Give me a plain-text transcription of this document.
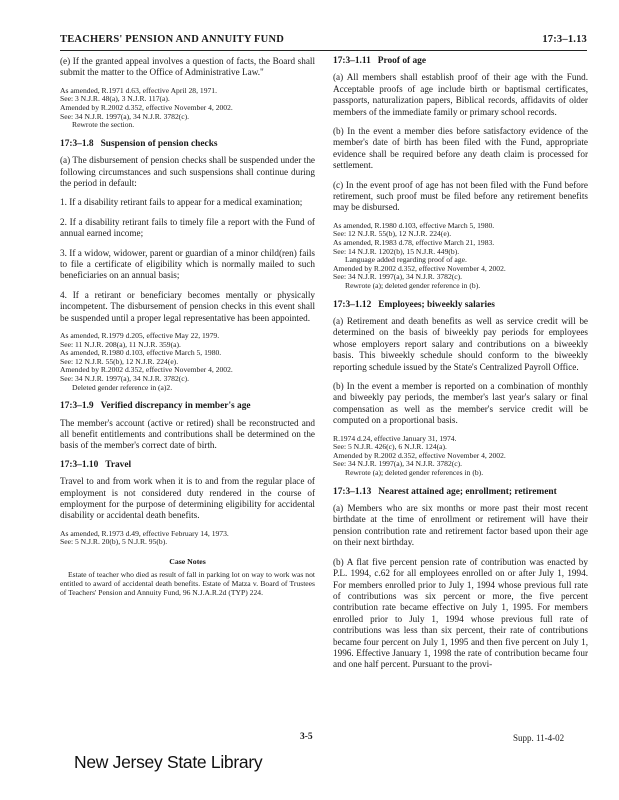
TEACHERS' PENSION AND ANNUITY FUND	17:3–1.13

(e) If the granted appeal involves a question of facts, the Board shall submit the matter to the Office of Administrative Law."

As amended, R.1971 d.63, effective April 28, 1971.
See: 3 N.J.R. 48(a), 3 N.J.R. 117(a).
Amended by R.2002 d.352, effective November 4, 2002.
See: 34 N.J.R. 1997(a), 34 N.J.R. 3782(c).
Rewrote the section.
17:3–1.8 Suspension of pension checks

(a) The disbursement of pension checks shall be suspended under the following circumstances and such suspensions shall continue during the period in default:

1. If a disability retirant fails to appear for a medical examination;

2. If a disability retirant fails to timely file a report with the Fund of annual earned income;

3. If a widow, widower, parent or guardian of a minor child(ren) fails to file a certificate of eligibility which is normally mailed to such beneficiaries on an annual basis;

4. If a retirant or beneficiary becomes mentally or physically incompetent. The disbursement of pension checks in this event shall be suspended until a proper legal representative has been appointed.

As amended, R.1979 d.205, effective May 22, 1979.
See: 11 N.J.R. 208(a), 11 N.J.R. 359(a).
As amended, R.1980 d.103, effective March 5, 1980.
See: 12 N.J.R. 55(b), 12 N.J.R. 224(e).
Amended by R.2002 d.352, effective November 4, 2002.
See: 34 N.J.R. 1997(a), 34 N.J.R. 3782(c).
Deleted gender reference in (a)2.
17:3–1.9 Verified discrepancy in member's age

The member's account (active or retired) shall be reconstructed and all benefit entitlements and contributions shall be determined on the basis of the member's correct date of birth.

17:3–1.10 Travel

Travel to and from work when it is to and from the regular place of employment is not considered duty rendered in the course of employment for the purpose of determining eligibility for accidental disability or accidental death benefits.

As amended, R.1973 d.49, effective February 14, 1973.
See: 5 N.J.R. 20(b), 5 N.J.R. 95(b).
Case Notes
Estate of teacher who died as result of fall in parking lot on way to work was not entitled to award of accidental death benefits. Estate of Matza v. Board of Trustees of Teachers' Pension and Annuity Fund, 96 N.J.A.R.2d (TYP) 224.
17:3–1.11 Proof of age

(a) All members shall establish proof of their age with the Fund. Acceptable proofs of age include birth or baptismal certificates, passports, naturalization papers, Biblical records, affidavits of older members of the immediate family or primary school records.

(b) In the event a member dies before satisfactory evidence of the member's date of birth has been filed with the Fund, appropriate evidence shall be required before any death claim is processed for settlement.

(c) In the event proof of age has not been filed with the Fund before retirement, such proof must be filed before any retirement benefits may be disbursed.

As amended, R.1980 d.103, effective March 5, 1980.
See: 12 N.J.R. 55(b), 12 N.J.R. 224(e).
As amended, R.1983 d.78, effective March 21, 1983.
See: 14 N.J.R. 1202(b), 15 N.J.R. 449(b).
Language added regarding proof of age.
Amended by R.2002 d.352, effective November 4, 2002.
See: 34 N.J.R. 1997(a), 34 N.J.R. 3782(c).
Rewrote (a); deleted gender reference in (b).
17:3–1.12 Employees; biweekly salaries

(a) Retirement and death benefits as well as service credit will be determined on the basis of biweekly pay periods for employees whose employers report salary and contributions on a biweekly basis. This biweekly schedule should conform to the biweekly reporting schedule issued by the State's Centralized Payroll Office.

(b) In the event a member is reported on a combination of monthly and biweekly pay periods, the member's last year's salary or final compensation as well as the member's service credit will be computed on a proportional basis.

R.1974 d.24, effective January 31, 1974.
See: 5 N.J.R. 426(c), 6 N.J.R. 124(a).
Amended by R.2002 d.352, effective November 4, 2002.
See: 34 N.J.R. 1997(a), 34 N.J.R. 3782(c).
Rewrote (a); deleted gender references in (b).
17:3–1.13 Nearest attained age; enrollment; retirement

(a) Members who are six months or more past their most recent birthdate at the time of enrollment or retirement will have their pension contribution rate and retirement factor based upon their age on their next birthday.

(b) A flat five percent pension rate of contribution was enacted by P.L. 1994, c.62 for all employees enrolled on or after July 1, 1994. For members enrolled prior to July 1, 1994 whose previous full rate of contributions was six percent or more, the five percent contribution rate became effective on July 1, 1995. For members enrolled prior to July 1, 1994 whose previous full rate of contributions was less than six percent, their rate of contributions became four percent on July 1, 1995 and then five percent on July 1, 1996. Effective January 1, 1998 the rate of contribution became four and one half percent. Pursuant to the provi-

3-5	Supp. 11-4-02
New Jersey State Library
